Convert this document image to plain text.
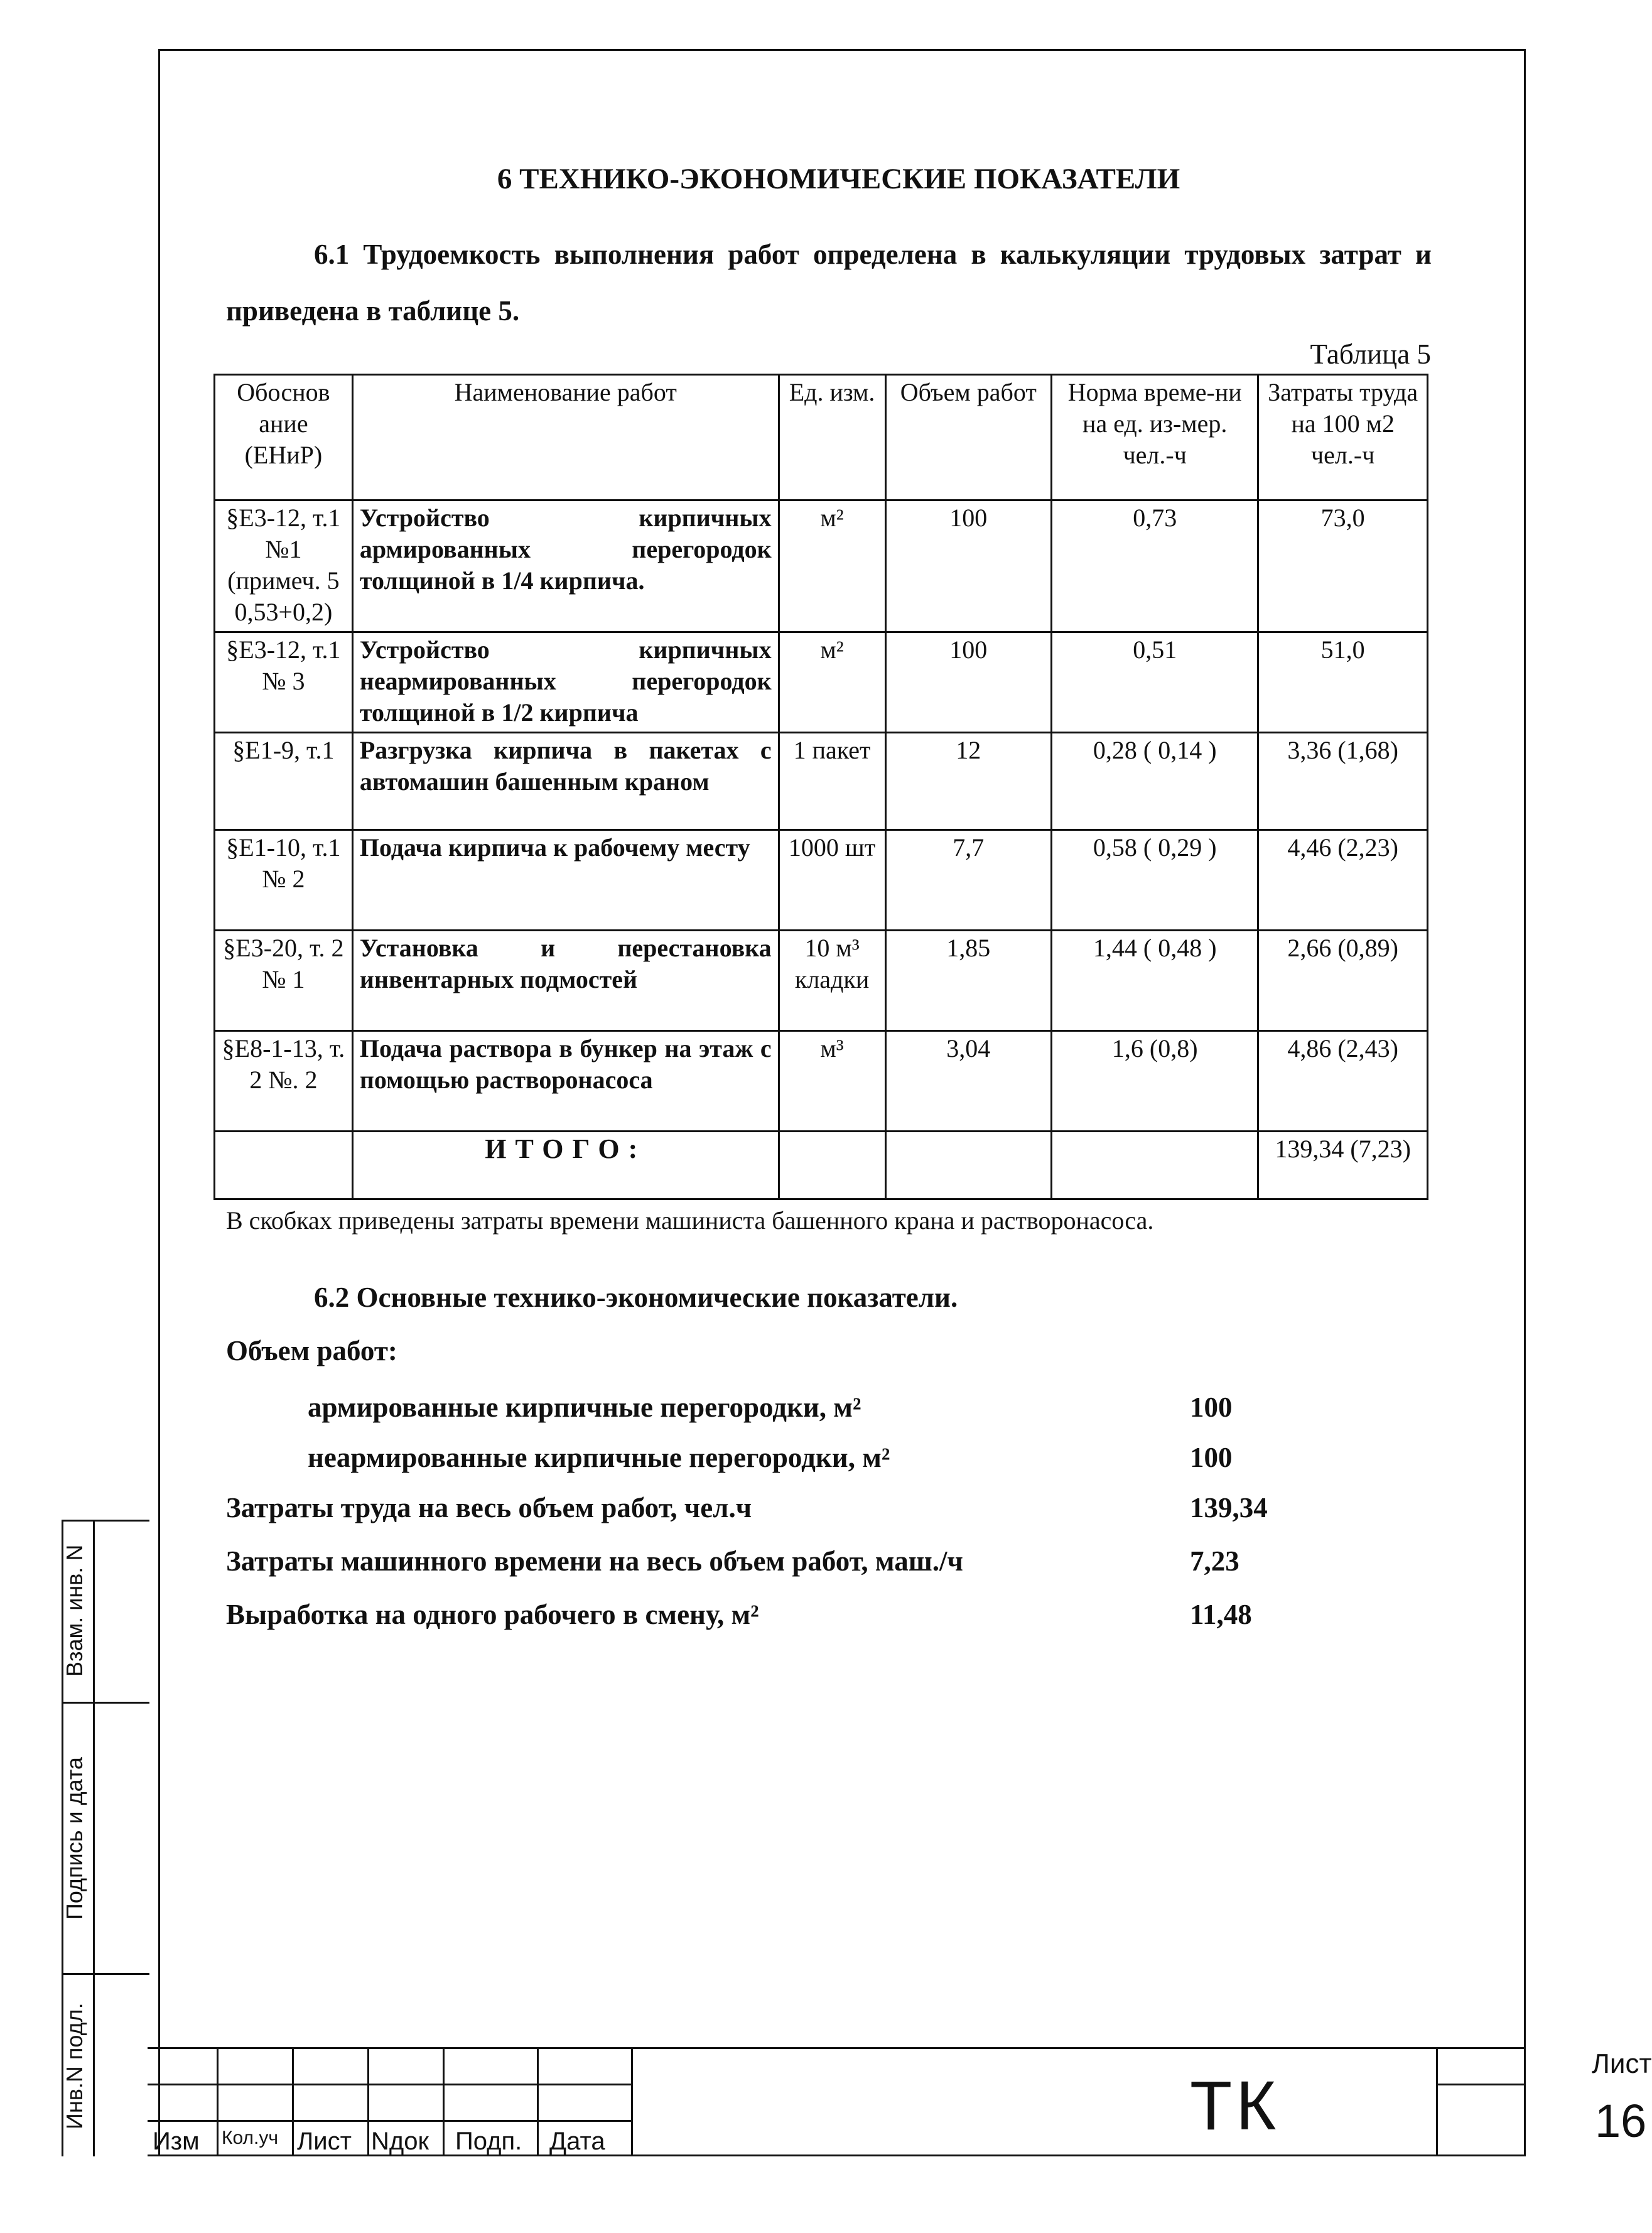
6 ТЕХНИКО-ЭКОНОМИЧЕСКИЕ ПОКАЗАТЕЛИ
6.1 Трудоемкость выполнения работ определена в калькуляции трудовых затрат и приведена в таблице 5.
Таблица 5
Обоснов ание (ЕНиР)	Наименование работ	Ед. изм.	Объем работ	Норма време-ни на ед. из-мер. чел.-ч	Затраты труда на 100 м2 чел.-ч
§Е3-12, т.1 №1 (примеч. 5 0,53+0,2)	Устройство кирпичных армированных перегородок толщиной в 1/4 кирпича.	м²	100	0,73	73,0
§Е3-12, т.1 № 3	Устройство кирпичных неармированных перегородок толщиной в 1/2 кирпича	м²	100	0,51	51,0
§Е1-9, т.1	Разгрузка кирпича в пакетах с автомашин башенным краном	1 пакет	12	0,28 ( 0,14 )	3,36 (1,68)
§Е1-10, т.1 № 2	Подача кирпича к рабочему месту	1000 шт	7,7	0,58 ( 0,29 )	4,46 (2,23)
§Е3-20, т. 2 № 1	Установка и перестановка инвентарных подмостей	10 м³ кладки	1,85	1,44 ( 0,48 )	2,66 (0,89)
§Е8-1-13, т. 2 №. 2	Подача раствора в бункер на этаж с помощью растворонасоса	м³	3,04	1,6 (0,8)	4,86 (2,43)
	ИТОГО:				139,34 (7,23)
В скобках приведены затраты времени машиниста башенного крана и растворонасоса.
6.2 Основные технико-экономические показатели.
Объем работ:
армированные кирпичные перегородки, м²	100
неармированные кирпичные перегородки, м²	100
Затраты труда на весь объем работ, чел.ч	139,34
Затраты машинного времени на весь объем работ, маш./ч	7,23
Выработка на одного рабочего в смену, м²	11,48
Взам. инв. N
Подпись и дата
Инв.N подл.
Изм Кол.уч Лист Nдок Подп. Дата	ТК
Лист
16
